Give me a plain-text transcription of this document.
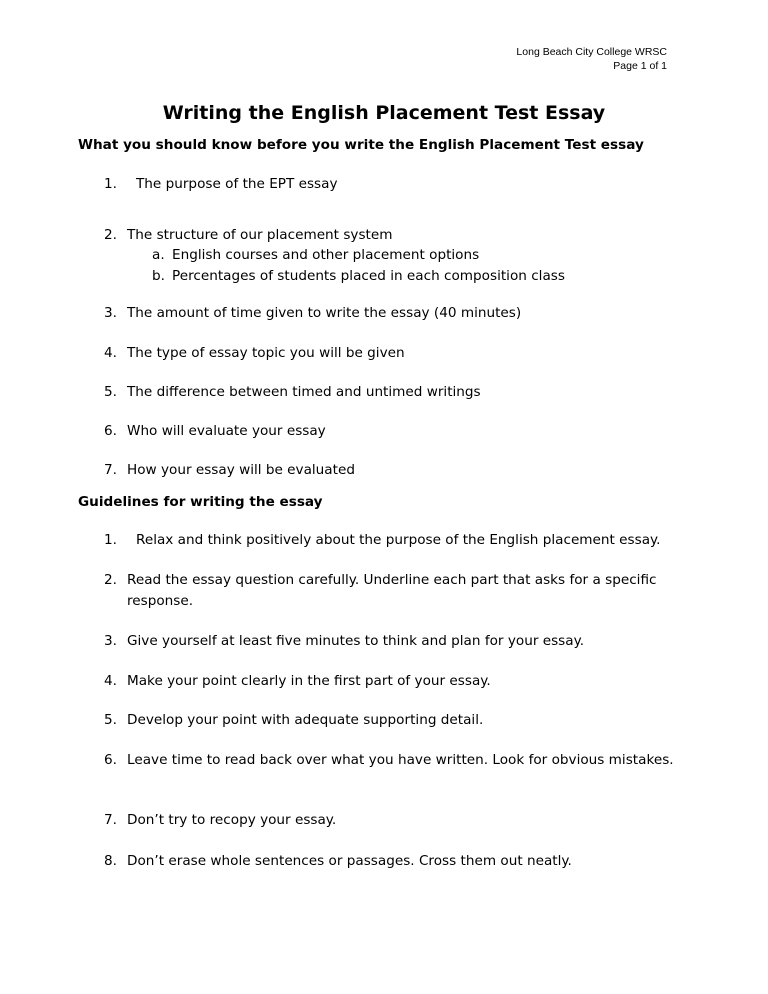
Long Beach City College WRSC
Page 1 of 1
Writing the English Placement Test Essay
What you should know before you write the English Placement Test essay
1. The purpose of the EPT essay
2. The structure of our placement system
a. English courses and other placement options
b. Percentages of students placed in each composition class
3. The amount of time given to write the essay (40 minutes)
4. The type of essay topic you will be given
5. The difference between timed and untimed writings
6. Who will evaluate your essay
7. How your essay will be evaluated
Guidelines for writing the essay
1. Relax and think positively about the purpose of the English placement essay.
2. Read the essay question carefully. Underline each part that asks for a specific response.
3. Give yourself at least five minutes to think and plan for your essay.
4. Make your point clearly in the first part of your essay.
5. Develop your point with adequate supporting detail.
6. Leave time to read back over what you have written. Look for obvious mistakes.
7. Don’t try to recopy your essay.
8. Don’t erase whole sentences or passages. Cross them out neatly.
